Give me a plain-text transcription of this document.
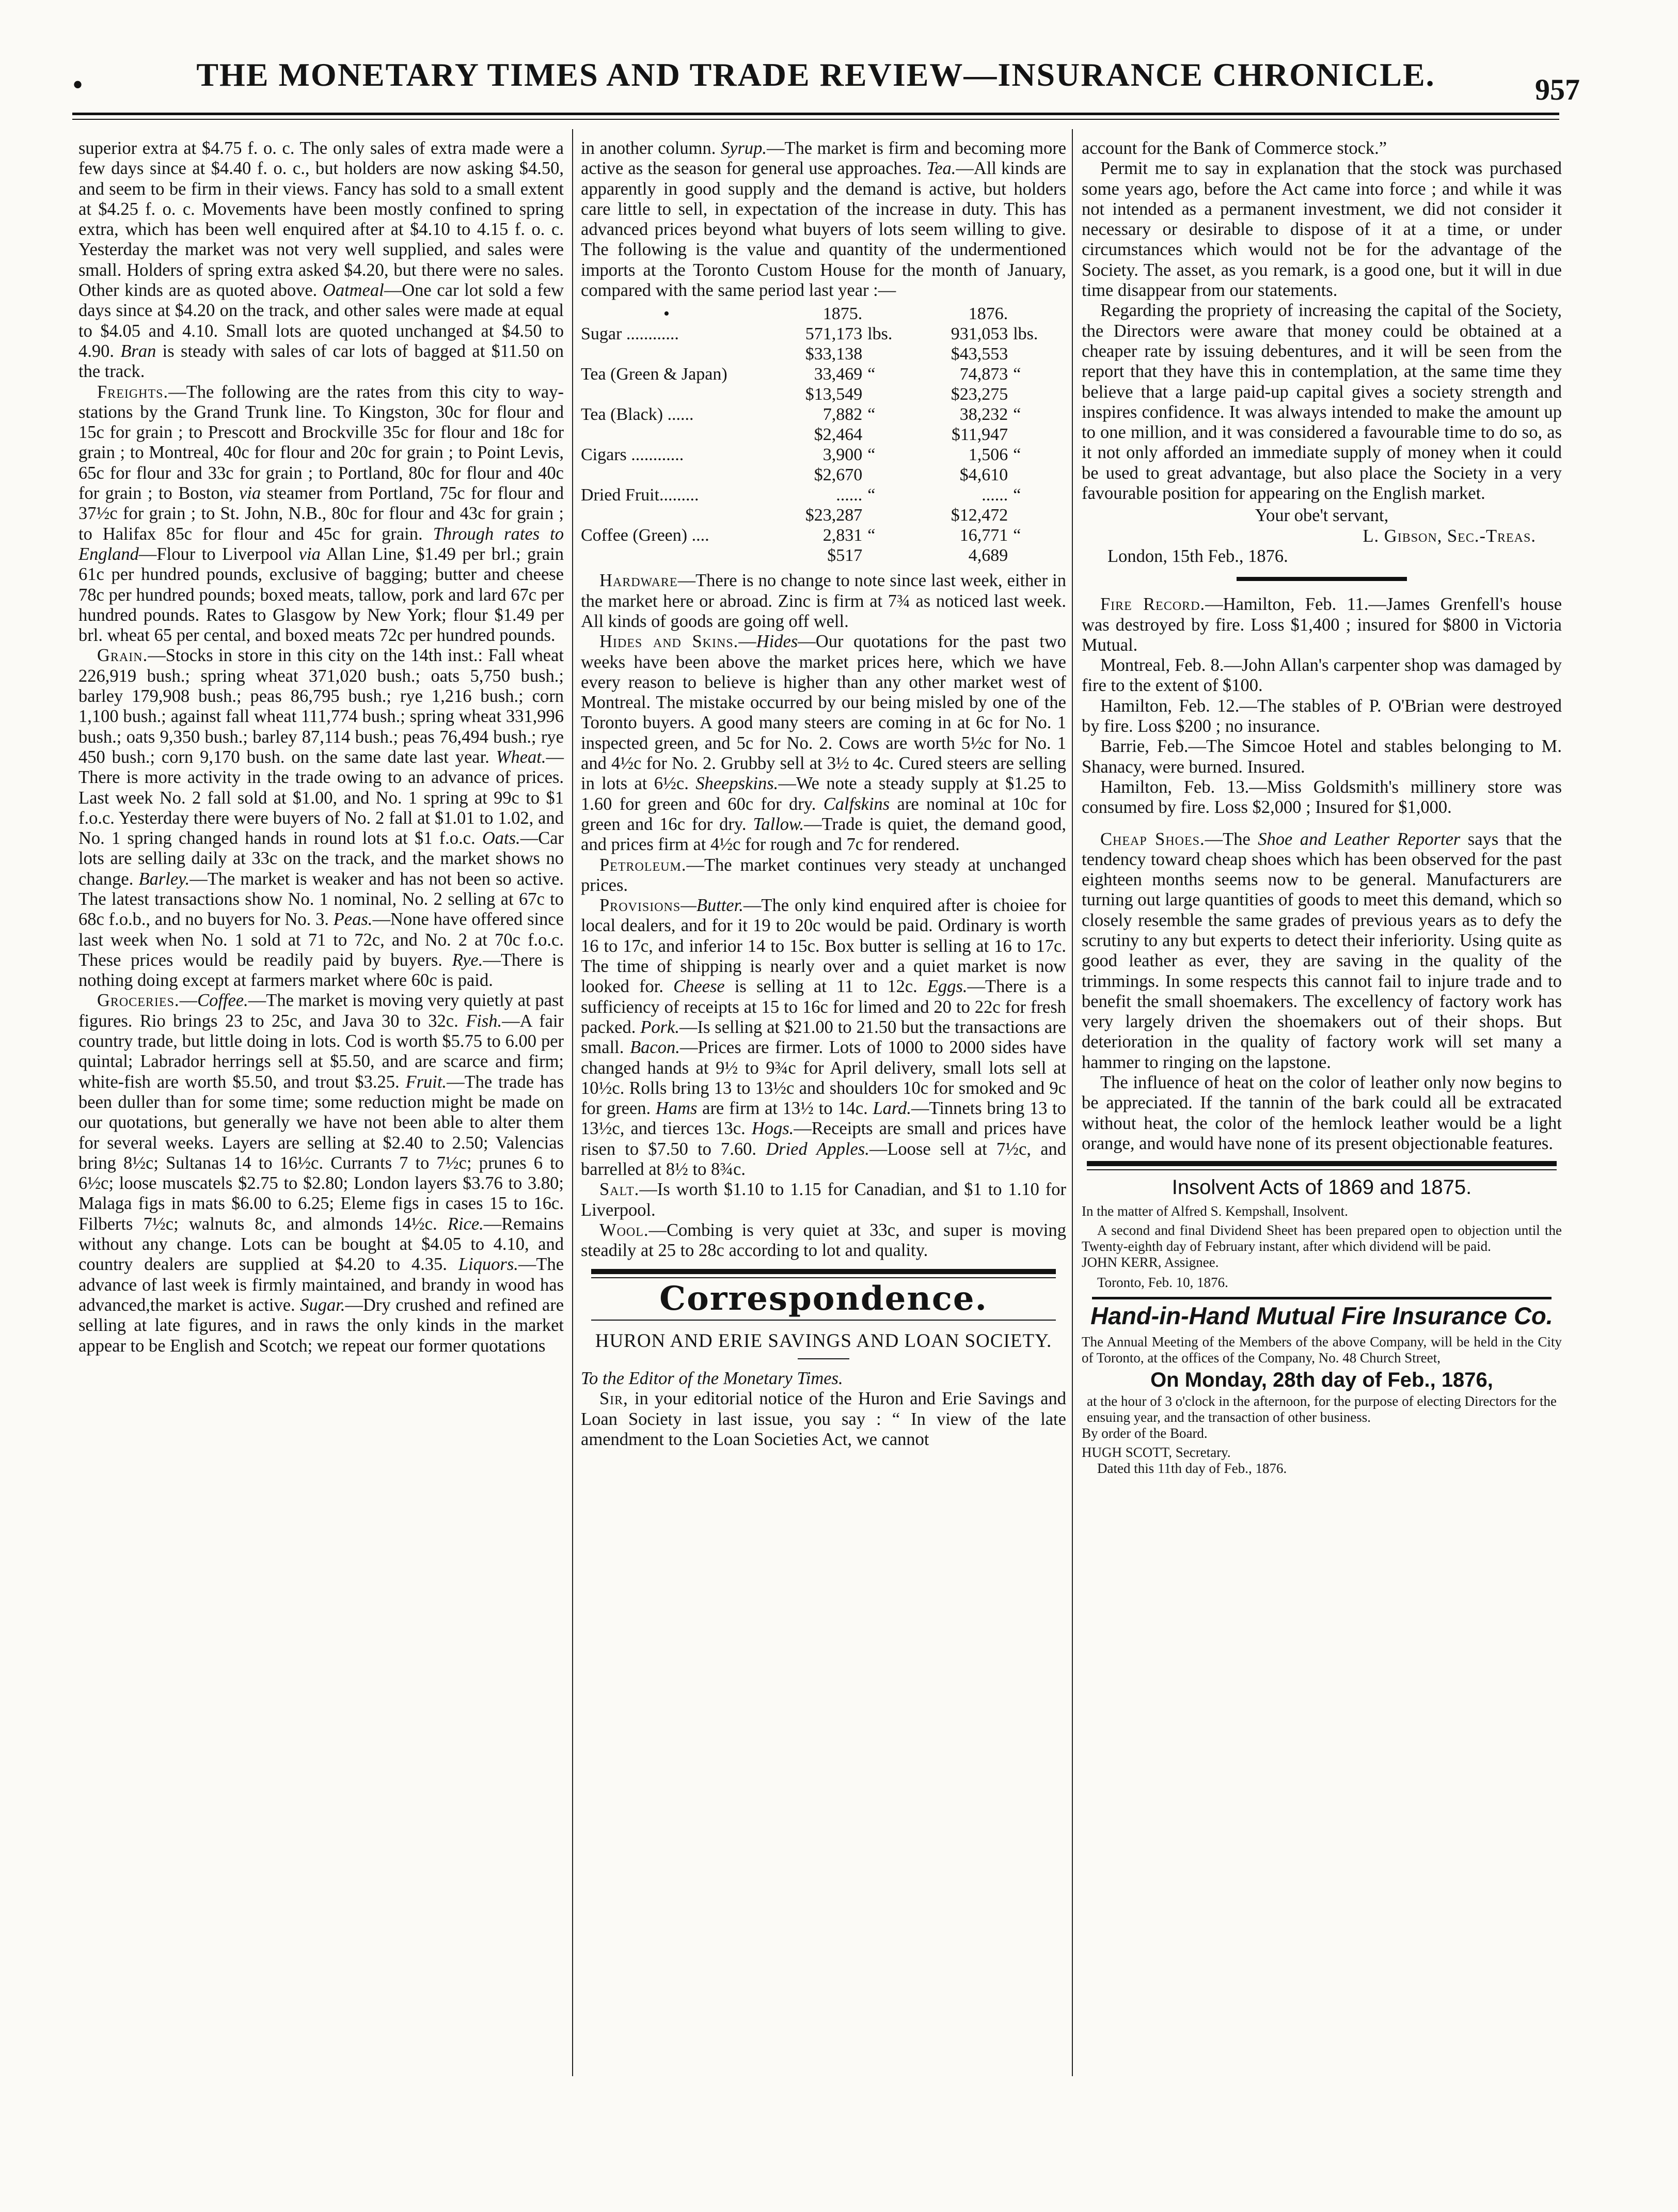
•	THE MONETARY TIMES AND TRADE REVIEW—INSURANCE CHRONICLE.	957

superior extra at $4.75 f. o. c. The only sales of extra made were a few days since at $4.40 f. o. c., but holders are now asking $4.50, and seem to be firm in their views. Fancy has sold to a small extent at $4.25 f. o. c. Movements have been mostly confined to spring extra, which has been well enquired after at $4.10 to 4.15 f. o. c. Yesterday the market was not very well supplied, and sales were small. Holders of spring extra asked $4.20, but there were no sales. Other kinds are as quoted above. Oatmeal—One car lot sold a few days since at $4.20 on the track, and other sales were made at equal to $4.05 and 4.10. Small lots are quoted unchanged at $4.50 to 4.90. Bran is steady with sales of car lots of bagged at $11.50 on the track.

Freights.—The following are the rates from this city to way-stations by the Grand Trunk line. To Kingston, 30c for flour and 15c for grain ; to Prescott and Brockville 35c for flour and 18c for grain ; to Montreal, 40c for flour and 20c for grain ; to Point Levis, 65c for flour and 33c for grain ; to Portland, 80c for flour and 40c for grain ; to Boston, via steamer from Portland, 75c for flour and 37½c for grain ; to St. John, N.B., 80c for flour and 43c for grain ; to Halifax 85c for flour and 45c for grain. Through rates to England—Flour to Liverpool via Allan Line, $1.49 per brl.; grain 61c per hundred pounds, exclusive of bagging; butter and cheese 78c per hundred pounds; boxed meats, tallow, pork and lard 67c per hundred pounds. Rates to Glasgow by New York; flour $1.49 per brl. wheat 65 per cental, and boxed meats 72c per hundred pounds.

Grain.—Stocks in store in this city on the 14th inst.: Fall wheat 226,919 bush.; spring wheat 371,020 bush.; oats 5,750 bush.; barley 179,908 bush.; peas 86,795 bush.; rye 1,216 bush.; corn 1,100 bush.; against fall wheat 111,774 bush.; spring wheat 331,996 bush.; oats 9,350 bush.; barley 87,114 bush.; peas 76,494 bush.; rye 450 bush.; corn 9,170 bush. on the same date last year. Wheat.—There is more activity in the trade owing to an advance of prices. Last week No. 2 fall sold at $1.00, and No. 1 spring at 99c to $1 f.o.c. Yesterday there were buyers of No. 2 fall at $1.01 to 1.02, and No. 1 spring changed hands in round lots at $1 f.o.c. Oats.—Car lots are selling daily at 33c on the track, and the market shows no change. Barley.—The market is weaker and has not been so active. The latest transactions show No. 1 nominal, No. 2 selling at 67c to 68c f.o.b., and no buyers for No. 3. Peas.—None have offered since last week when No. 1 sold at 71 to 72c, and No. 2 at 70c f.o.c. These prices would be readily paid by buyers. Rye.—There is nothing doing except at farmers market where 60c is paid.

Groceries.—Coffee.—The market is moving very quietly at past figures. Rio brings 23 to 25c, and Java 30 to 32c. Fish.—A fair country trade, but little doing in lots. Cod is worth $5.75 to 6.00 per quintal; Labrador herrings sell at $5.50, and are scarce and firm; white-fish are worth $5.50, and trout $3.25. Fruit.—The trade has been duller than for some time; some reduction might be made on our quotations, but generally we have not been able to alter them for several weeks. Layers are selling at $2.40 to 2.50; Valencias bring 8½c; Sultanas 14 to 16½c. Currants 7 to 7½c; prunes 6 to 6½c; loose muscatels $2.75 to $2.80; London layers $3.76 to 3.80; Malaga figs in mats $6.00 to 6.25; Eleme figs in cases 15 to 16c. Filberts 7½c; walnuts 8c, and almonds 14½c. Rice.—Remains without any change. Lots can be bought at $4.05 to 4.10, and country dealers are supplied at $4.20 to 4.35. Liquors.—The advance of last week is firmly maintained, and brandy in wood has advanced,the market is active. Sugar.—Dry crushed and refined are selling at late figures, and in raws the only kinds in the market appear to be English and Scotch; we repeat our former quotations

in another column. Syrup.—The market is firm and becoming more active as the season for general use approaches. Tea.—All kinds are apparently in good supply and the demand is active, but holders care little to sell, in expectation of the increase in duty. This has advanced prices beyond what buyers of lots seem willing to give. The following is the value and quantity of the undermentioned imports at the Toronto Custom House for the month of January, compared with the same period last year :—

•	1875.		1876.	
Sugar ............	571,173	lbs.	931,053	lbs.
	$33,138		$43,553	
Tea (Green & Japan)	33,469	“	74,873	“
	$13,549		$23,275	
Tea (Black) ......	7,882	“	38,232	“
	$2,464		$11,947	
Cigars ............	3,900	“	1,506	“
	$2,670		$4,610	
Dried Fruit.........	......	“	......	“
	$23,287		$12,472	
Coffee (Green) ....	2,831	“	16,771	“
	$517		4,689	

Hardware—There is no change to note since last week, either in the market here or abroad. Zinc is firm at 7¾ as noticed last week. All kinds of goods are going off well.

Hides and Skins.—Hides—Our quotations for the past two weeks have been above the market prices here, which we have every reason to believe is higher than any other market west of Montreal. The mistake occurred by our being misled by one of the Toronto buyers. A good many steers are coming in at 6c for No. 1 inspected green, and 5c for No. 2. Cows are worth 5½c for No. 1 and 4½c for No. 2. Grubby sell at 3½ to 4c. Cured steers are selling in lots at 6½c. Sheepskins.—We note a steady supply at $1.25 to 1.60 for green and 60c for dry. Calfskins are nominal at 10c for green and 16c for dry. Tallow.—Trade is quiet, the demand good, and prices firm at 4½c for rough and 7c for rendered.

Petroleum.—The market continues very steady at unchanged prices.

Provisions—Butter.—The only kind enquired after is choiee for local dealers, and for it 19 to 20c would be paid. Ordinary is worth 16 to 17c, and inferior 14 to 15c. Box butter is selling at 16 to 17c. The time of shipping is nearly over and a quiet market is now looked for. Cheese is selling at 11 to 12c. Eggs.—There is a sufficiency of receipts at 15 to 16c for limed and 20 to 22c for fresh packed. Pork.—Is selling at $21.00 to 21.50 but the transactions are small. Bacon.—Prices are firmer. Lots of 1000 to 2000 sides have changed hands at 9½ to 9¾c for April delivery, small lots sell at 10½c. Rolls bring 13 to 13½c and shoulders 10c for smoked and 9c for green. Hams are firm at 13½ to 14c. Lard.—Tinnets bring 13 to 13½c, and tierces 13c. Hogs.—Receipts are small and prices have risen to $7.50 to 7.60. Dried Apples.—Loose sell at 7½c, and barrelled at 8½ to 8¾c.

Salt.—Is worth $1.10 to 1.15 for Canadian, and $1 to 1.10 for Liverpool.

Wool.—Combing is very quiet at 33c, and super is moving steadily at 25 to 28c according to lot and quality.

Correspondence.
HURON AND ERIE SAVINGS AND LOAN SOCIETY.

To the Editor of the Monetary Times.

Sir, in your editorial notice of the Huron and Erie Savings and Loan Society in last issue, you say : “ In view of the late amendment to the Loan Societies Act, we cannot

account for the Bank of Commerce stock.”

Permit me to say in explanation that the stock was purchased some years ago, before the Act came into force ; and while it was not intended as a permanent investment, we did not consider it necessary or desirable to dispose of it at a time, or under circumstances which would not be for the advantage of the Society. The asset, as you remark, is a good one, but it will in due time disappear from our statements.

Regarding the propriety of increasing the capital of the Society, the Directors were aware that money could be obtained at a cheaper rate by issuing debentures, and it will be seen from the report that they have this in contemplation, at the same time they believe that a large paid-up capital gives a society strength and inspires confidence. It was always intended to make the amount up to one million, and it was considered a favourable time to do so, as it not only afforded an immediate supply of money when it could be used to great advantage, but also place the Society in a very favourable position for appearing on the English market.

Your obe't servant,

L. Gibson, Sec.-Treas.

London, 15th Feb., 1876.

Fire Record.—Hamilton, Feb. 11.—James Grenfell's house was destroyed by fire. Loss $1,400 ; insured for $800 in Victoria Mutual.

Montreal, Feb. 8.—John Allan's carpenter shop was damaged by fire to the extent of $100.

Hamilton, Feb. 12.—The stables of P. O'Brian were destroyed by fire. Loss $200 ; no insurance.

Barrie, Feb.—The Simcoe Hotel and stables belonging to M. Shanacy, were burned. Insured.

Hamilton, Feb. 13.—Miss Goldsmith's millinery store was consumed by fire. Loss $2,000 ; Insured for $1,000.

Cheap Shoes.—The Shoe and Leather Reporter says that the tendency toward cheap shoes which has been observed for the past eighteen months seems now to be general. Manufacturers are turning out large quantities of goods to meet this demand, which so closely resemble the same grades of previous years as to defy the scrutiny to any but experts to detect their inferiority. Using quite as good leather as ever, they are saving in the quality of the trimmings. In some respects this cannot fail to injure trade and to benefit the small shoemakers. The excellency of factory work has very largely driven the shoemakers out of their shops. But deterioration in the quality of factory work will set many a hammer to ringing on the lapstone.

The influence of heat on the color of leather only now begins to be appreciated. If the tannin of the bark could all be extracated without heat, the color of the hemlock leather would be a light orange, and would have none of its present objectionable features.

Insolvent Acts of 1869 and 1875.
In the matter of Alfred S. Kempshall, Insolvent.
A second and final Dividend Sheet has been prepared open to objection until the Twenty-eighth day of February instant, after which dividend will be paid.
JOHN KERR, Assignee.
Toronto, Feb. 10, 1876.
Hand-in-Hand Mutual Fire Insurance Co.
The Annual Meeting of the Members of the above Company, will be held in the City of Toronto, at the offices of the Company, No. 48 Church Street,
On Monday, 28th day of Feb., 1876,
at the hour of 3 o'clock in the afternoon, for the purpose of electing Directors for the ensuing year, and the transaction of other business.
By order of the Board.
HUGH SCOTT, Secretary.
Dated this 11th day of Feb., 1876.
